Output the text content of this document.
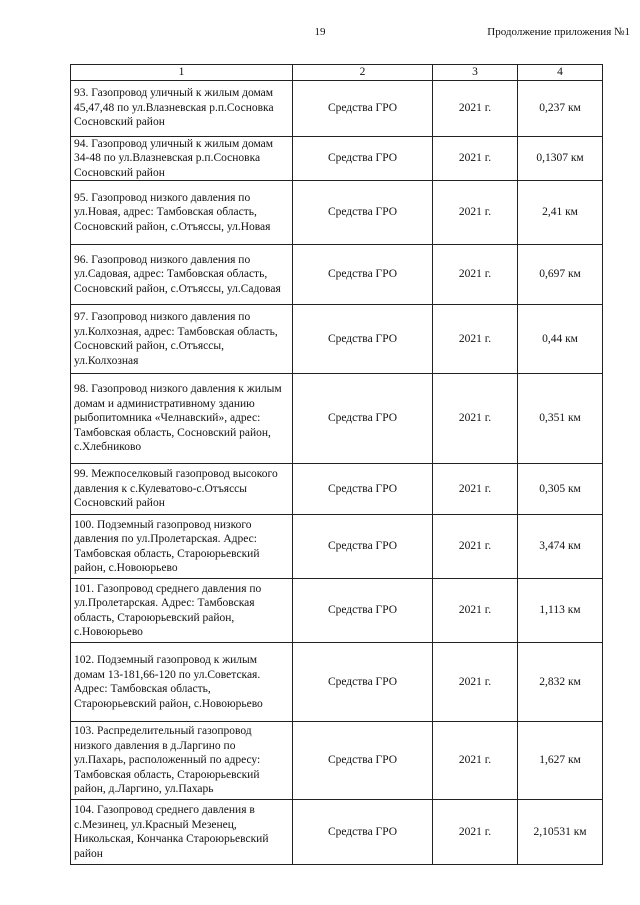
19	Продолжение приложения №1
1	2	3	4
93. Газопровод уличный к жилым домам 45,47,48 по ул.Влазневская р.п.Сосновка Сосновский район	Средства ГРО	2021 г.	0,237 км
94. Газопровод уличный к жилым домам 34-48 по ул.Влазневская р.п.Сосновка Сосновский район	Средства ГРО	2021 г.	0,1307 км
95. Газопровод низкого давления по ул.Новая, адрес: Тамбовская область, Сосновский район, с.Отъяссы, ул.Новая	Средства ГРО	2021 г.	2,41 км
96. Газопровод низкого давления по ул.Садовая, адрес: Тамбовская область, Сосновский район, с.Отъяссы, ул.Садовая	Средства ГРО	2021 г.	0,697 км
97. Газопровод низкого давления по ул.Колхозная, адрес: Тамбовская область, Сосновский район, с.Отъяссы, ул.Колхозная	Средства ГРО	2021 г.	0,44 км
98. Газопровод низкого давления к жилым домам и административному зданию рыбопитомника «Челнавский», адрес: Тамбовская область, Сосновский район, с.Хлебниково	Средства ГРО	2021 г.	0,351 км
99. Межпоселковый газопровод высокого давления к с.Кулеватово-с.Отъяссы Сосновский район	Средства ГРО	2021 г.	0,305 км
100. Подземный газопровод низкого давления по ул.Пролетарская. Адрес: Тамбовская область, Староюрьевский район, с.Новоюрьево	Средства ГРО	2021 г.	3,474 км
101. Газопровод среднего давления по ул.Пролетарская. Адрес: Тамбовская область, Староюрьевский район, с.Новоюрьево	Средства ГРО	2021 г.	1,113 км
102. Подземный газопровод к жилым домам 13-181,66-120 по ул.Советская. Адрес: Тамбовская область, Староюрьевский район, с.Новоюрьево	Средства ГРО	2021 г.	2,832 км
103. Распределительный газопровод низкого давления в д.Ларгино по ул.Пахарь, расположенный по адресу: Тамбовская область, Староюрьевский район, д.Ларгино, ул.Пахарь	Средства ГРО	2021 г.	1,627 км
104. Газопровод среднего давления в с.Мезинец, ул.Красный Мезенец, Никольская, Кончанка Староюрьевский район	Средства ГРО	2021 г.	2,10531 км
